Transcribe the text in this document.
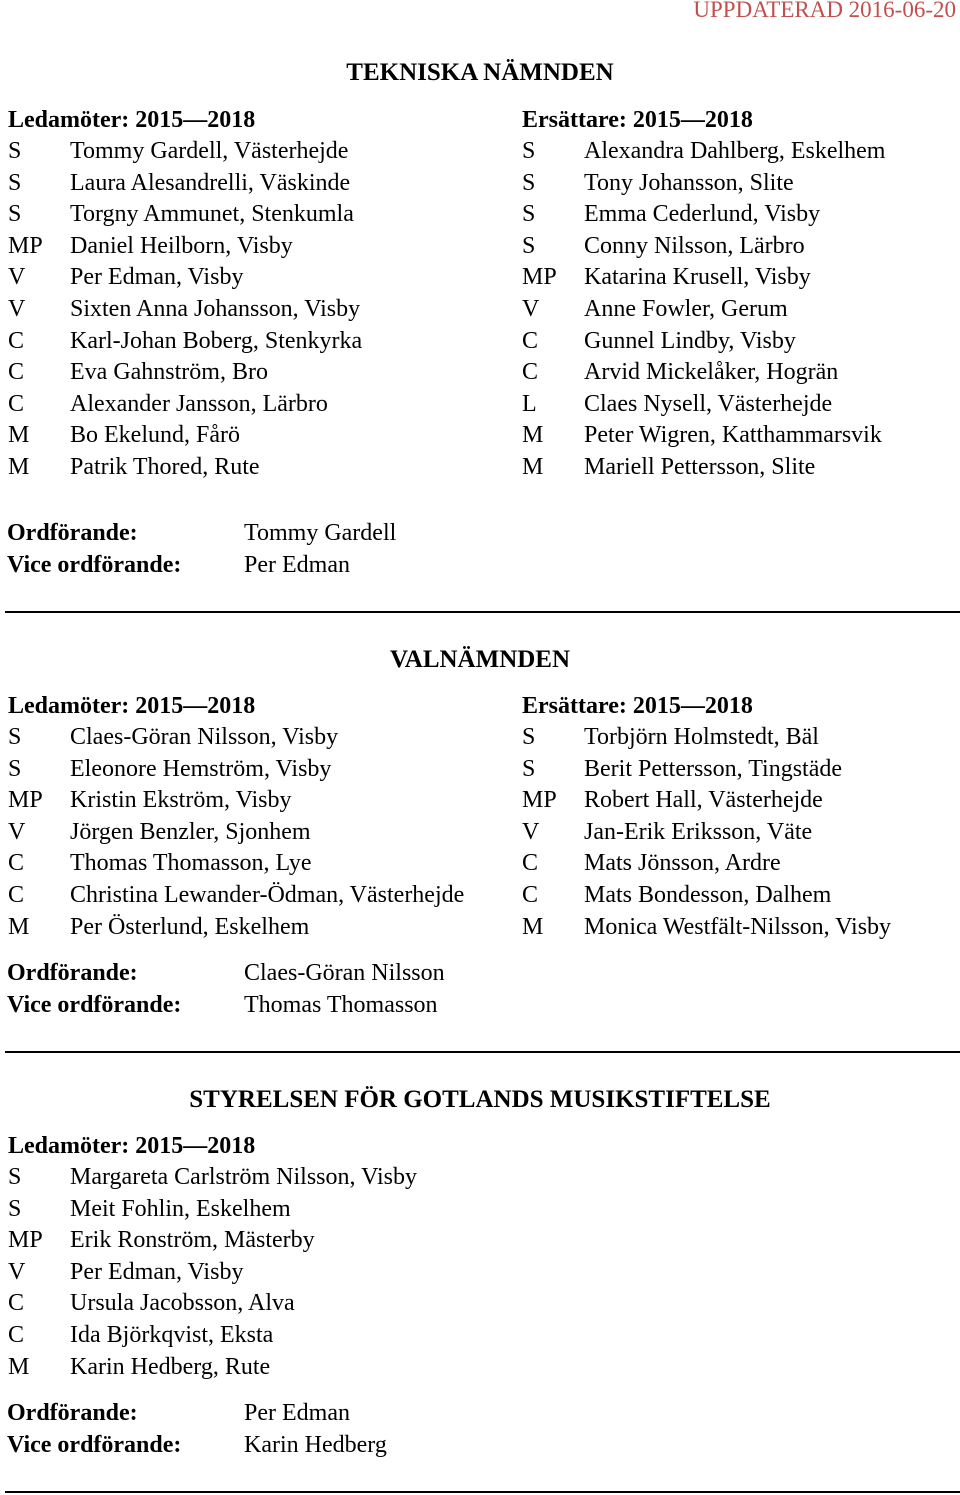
UPPDATERAD 2016-06-20
TEKNISKA NÄMNDEN
Ledamöter: 2015—2018
S Tommy Gardell, Västerhejde
S Laura Alesandrelli, Väskinde
S Torgny Ammunet, Stenkumla
MP Daniel Heilborn, Visby
V Per Edman, Visby
V Sixten Anna Johansson, Visby
C Karl-Johan Boberg, Stenkyrka
C Eva Gahnström, Bro
C Alexander Jansson, Lärbro
M Bo Ekelund, Fårö
M Patrik Thored, Rute
Ersättare: 2015—2018
S Alexandra Dahlberg, Eskelhem
S Tony Johansson, Slite
S Emma Cederlund, Visby
S Conny Nilsson, Lärbro
MP Katarina Krusell, Visby
V Anne Fowler, Gerum
C Gunnel Lindby, Visby
C Arvid Mickelåker, Hogrän
L Claes Nysell, Västerhejde
M Peter Wigren, Katthammarsvik
M Mariell Pettersson, Slite
Ordförande:	Tommy Gardell
Vice ordförande:	Per Edman
VALNÄMNDEN
Ledamöter: 2015—2018
S Claes-Göran Nilsson, Visby
S Eleonore Hemström, Visby
MP Kristin Ekström, Visby
V Jörgen Benzler, Sjonhem
C Thomas Thomasson, Lye
C Christina Lewander-Ödman, Västerhejde
M Per Österlund, Eskelhem
Ersättare: 2015—2018
S Torbjörn Holmstedt, Bäl
S Berit Pettersson, Tingstäde
MP Robert Hall, Västerhejde
V Jan-Erik Eriksson, Väte
C Mats Jönsson, Ardre
C Mats Bondesson, Dalhem
M Monica Westfält-Nilsson, Visby
Ordförande:	Claes-Göran Nilsson
Vice ordförande:	Thomas Thomasson
STYRELSEN FÖR GOTLANDS MUSIKSTIFTELSE
Ledamöter: 2015—2018
S Margareta Carlström Nilsson, Visby
S Meit Fohlin, Eskelhem
MP Erik Ronström, Mästerby
V Per Edman, Visby
C Ursula Jacobsson, Alva
C Ida Björkqvist, Eksta
M Karin Hedberg, Rute
Ordförande:	Per Edman
Vice ordförande:	Karin Hedberg
